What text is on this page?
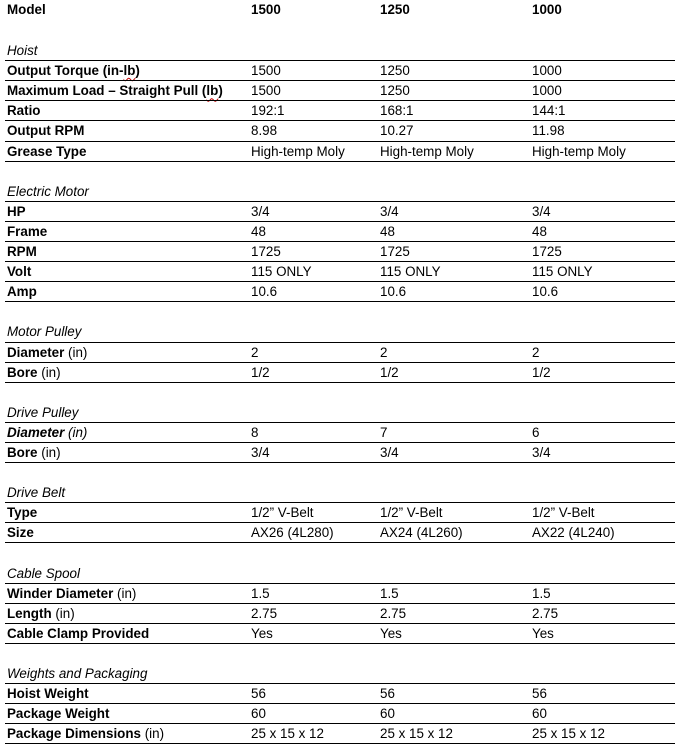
Model	1500	1250	1000
Hoist
Output Torque (in-lb)	1500	1250	1000
Maximum Load – Straight Pull (lb) 1500	1250	1000
Ratio	192:1	168:1	144:1
Output RPM	8.98	10.27	11.98
Grease Type	High-temp Moly	High-temp Moly	High-temp Moly
Electric Motor
HP	3/4	3/4	3/4
Frame	48	48	48
RPM	1725	1725	1725
Volt	115 ONLY	115 ONLY	115 ONLY
Amp	10.6	10.6	10.6
Motor Pulley
Diameter (in)	2	2	2
Bore (in)	1/2	1/2	1/2
Drive Pulley
Diameter (in)	8	7	6
Bore (in)	3/4	3/4	3/4
Drive Belt
Type	1/2” V-Belt	1/2” V-Belt	1/2” V-Belt
Size	AX26 (4L280)	AX24 (4L260)	AX22 (4L240)
Cable Spool
Winder Diameter (in)	1.5	1.5	1.5
Length (in)	2.75	2.75	2.75
Cable Clamp Provided	Yes	Yes	Yes
Weights and Packaging
Hoist Weight	56	56	56
Package Weight	60	60	60
Package Dimensions (in)	25 x 15 x 12	25 x 15 x 12	25 x 15 x 12
